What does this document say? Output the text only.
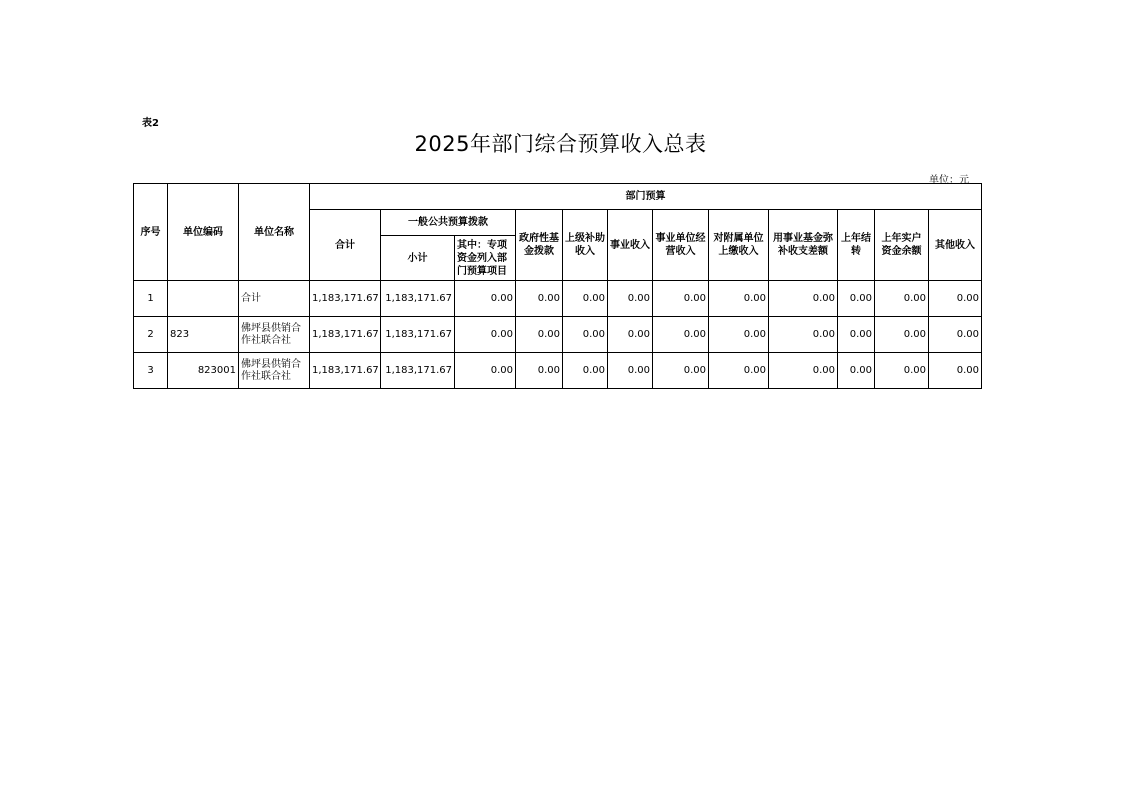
表2
2025年部门综合预算收入总表
单位：元
序号	单位编码	单位名称	部门预算											
			合计	一般公共预算拨款		政府性基金拨款	上级补助收入	事业收入	事业单位经营收入	对附属单位上缴收入	用事业基金弥补收支差额	上年结转	上年实户资金余额	其他收入
				小计	其中：专项资金列入部门预算项目									
1		合计	1,183,171.67	1,183,171.67	0.00	0.00	0.00	0.00	0.00	0.00	0.00	0.00	0.00	0.00
2	823	佛坪县供销合作社联合社	1,183,171.67	1,183,171.67	0.00	0.00	0.00	0.00	0.00	0.00	0.00	0.00	0.00	0.00
3	823001	佛坪县供销合作社联合社	1,183,171.67	1,183,171.67	0.00	0.00	0.00	0.00	0.00	0.00	0.00	0.00	0.00	0.00
